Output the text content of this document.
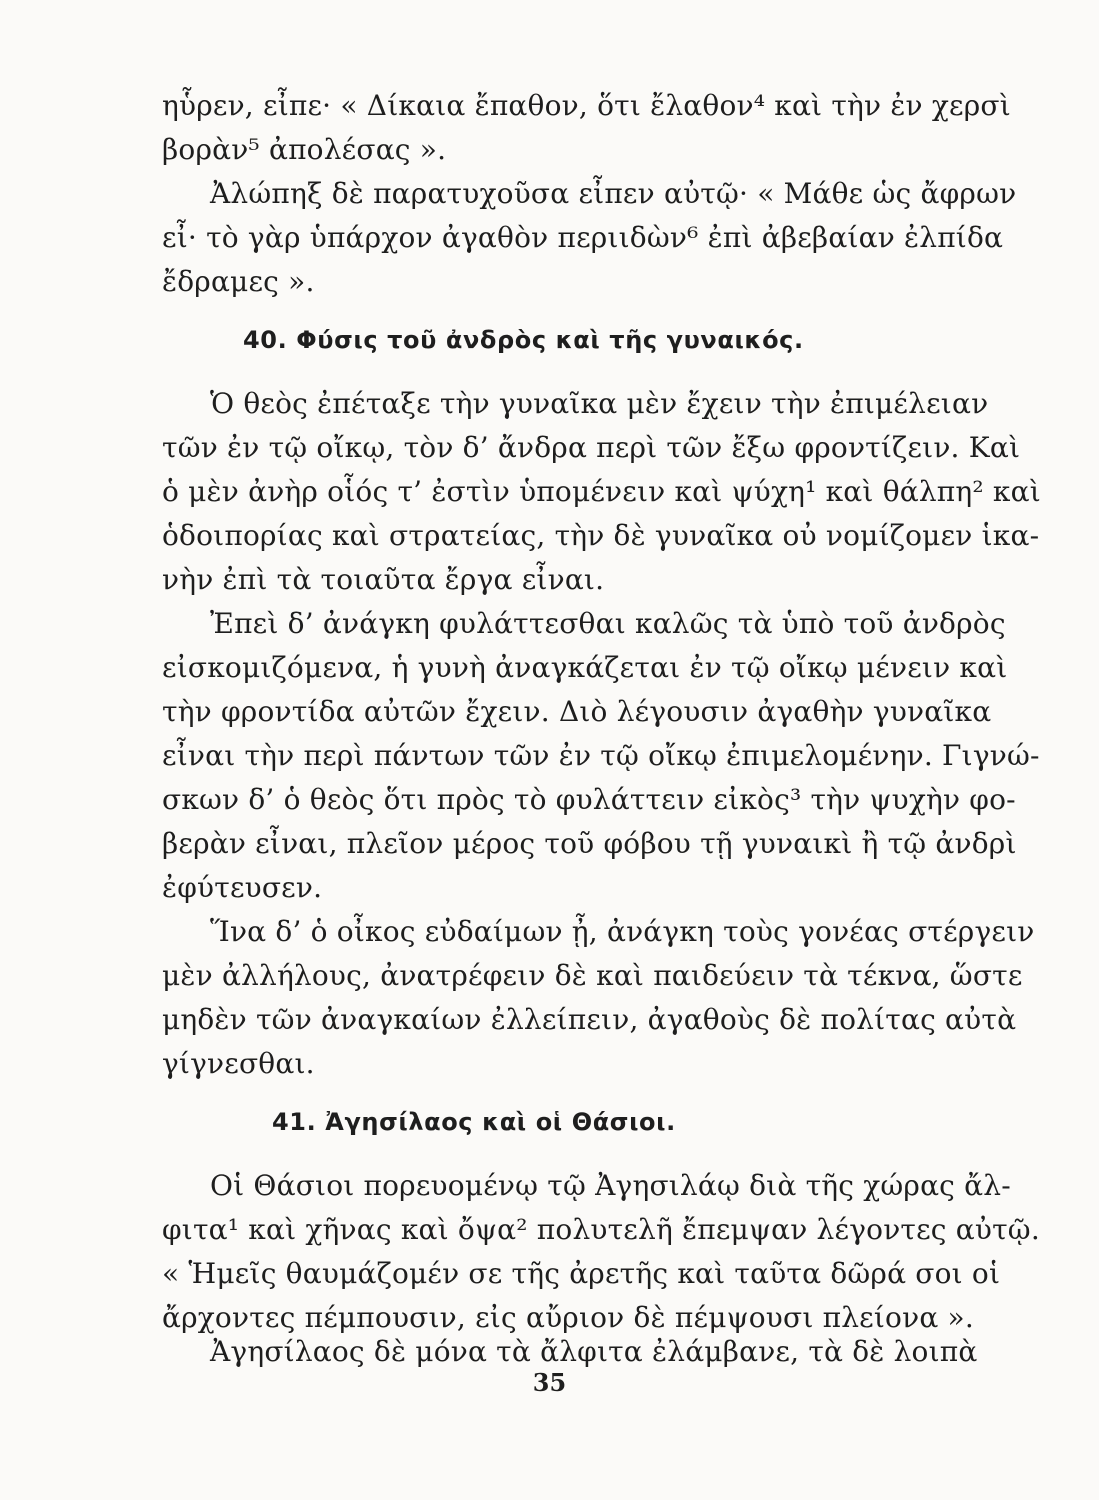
ηὗρεν, εἶπε· « Δίκαια ἔπαθον, ὅτι ἔλαθον⁴ καὶ τὴν ἐν χερσὶ

βορὰν⁵ ἀπολέσας ».

Ἀλώπηξ δὲ παρατυχοῦσα εἶπεν αὐτῷ· « Μάθε ὡς ἄφρων

εἶ· τὸ γὰρ ὑπάρχον ἀγαθὸν περιιδὼν⁶ ἐπὶ ἀβεβαίαν ἐλπίδα

ἔδραμες ».

40. Φύσις τοῦ ἀνδρὸς καὶ τῆς γυναικός.

Ὁ θεὸς ἐπέταξε τὴν γυναῖκα μὲν ἔχειν τὴν ἐπιμέλειαν

τῶν ἐν τῷ οἴκῳ, τὸν δ’ ἄνδρα περὶ τῶν ἔξω φροντίζειν. Καὶ

ὁ μὲν ἀνὴρ οἷός τ’ ἐστὶν ὑπομένειν καὶ ψύχη¹ καὶ θάλπη² καὶ

ὁδοιπορίας καὶ στρατείας, τὴν δὲ γυναῖκα οὐ νομίζομεν ἱκα-

νὴν ἐπὶ τὰ τοιαῦτα ἔργα εἶναι.

Ἐπεὶ δ’ ἀνάγκη φυλάττεσθαι καλῶς τὰ ὑπὸ τοῦ ἀνδρὸς

εἰσκομιζόμενα, ἡ γυνὴ ἀναγκάζεται ἐν τῷ οἴκῳ μένειν καὶ

τὴν φροντίδα αὐτῶν ἔχειν. Διὸ λέγουσιν ἀγαθὴν γυναῖκα

εἶναι τὴν περὶ πάντων τῶν ἐν τῷ οἴκῳ ἐπιμελομένην. Γιγνώ-

σκων δ’ ὁ θεὸς ὅτι πρὸς τὸ φυλάττειν εἰκὸς³ τὴν ψυχὴν φο-

βερὰν εἶναι, πλεῖον μέρος τοῦ φόβου τῇ γυναικὶ ἢ τῷ ἀνδρὶ

ἐφύτευσεν.

Ἵνα δ’ ὁ οἶκος εὐδαίμων ᾖ, ἀνάγκη τοὺς γονέας στέργειν

μὲν ἀλλήλους, ἀνατρέφειν δὲ καὶ παιδεύειν τὰ τέκνα, ὥστε

μηδὲν τῶν ἀναγκαίων ἐλλείπειν, ἀγαθοὺς δὲ πολίτας αὐτὰ

γίγνεσθαι.

41. Ἀγησίλαος καὶ οἱ Θάσιοι.

Οἱ Θάσιοι πορευομένῳ τῷ Ἀγησιλάῳ διὰ τῆς χώρας ἄλ-

φιτα¹ καὶ χῆνας καὶ ὄψα² πολυτελῆ ἔπεμψαν λέγοντες αὐτῷ.

« Ἡμεῖς θαυμάζομέν σε τῆς ἀρετῆς καὶ ταῦτα δῶρά σοι οἱ

ἄρχοντες πέμπουσιν, εἰς αὔριον δὲ πέμψουσι πλείονα ».

Ἀγησίλαος δὲ μόνα τὰ ἄλφιτα ἐλάμβανε, τὰ δὲ λοιπὰ

35
